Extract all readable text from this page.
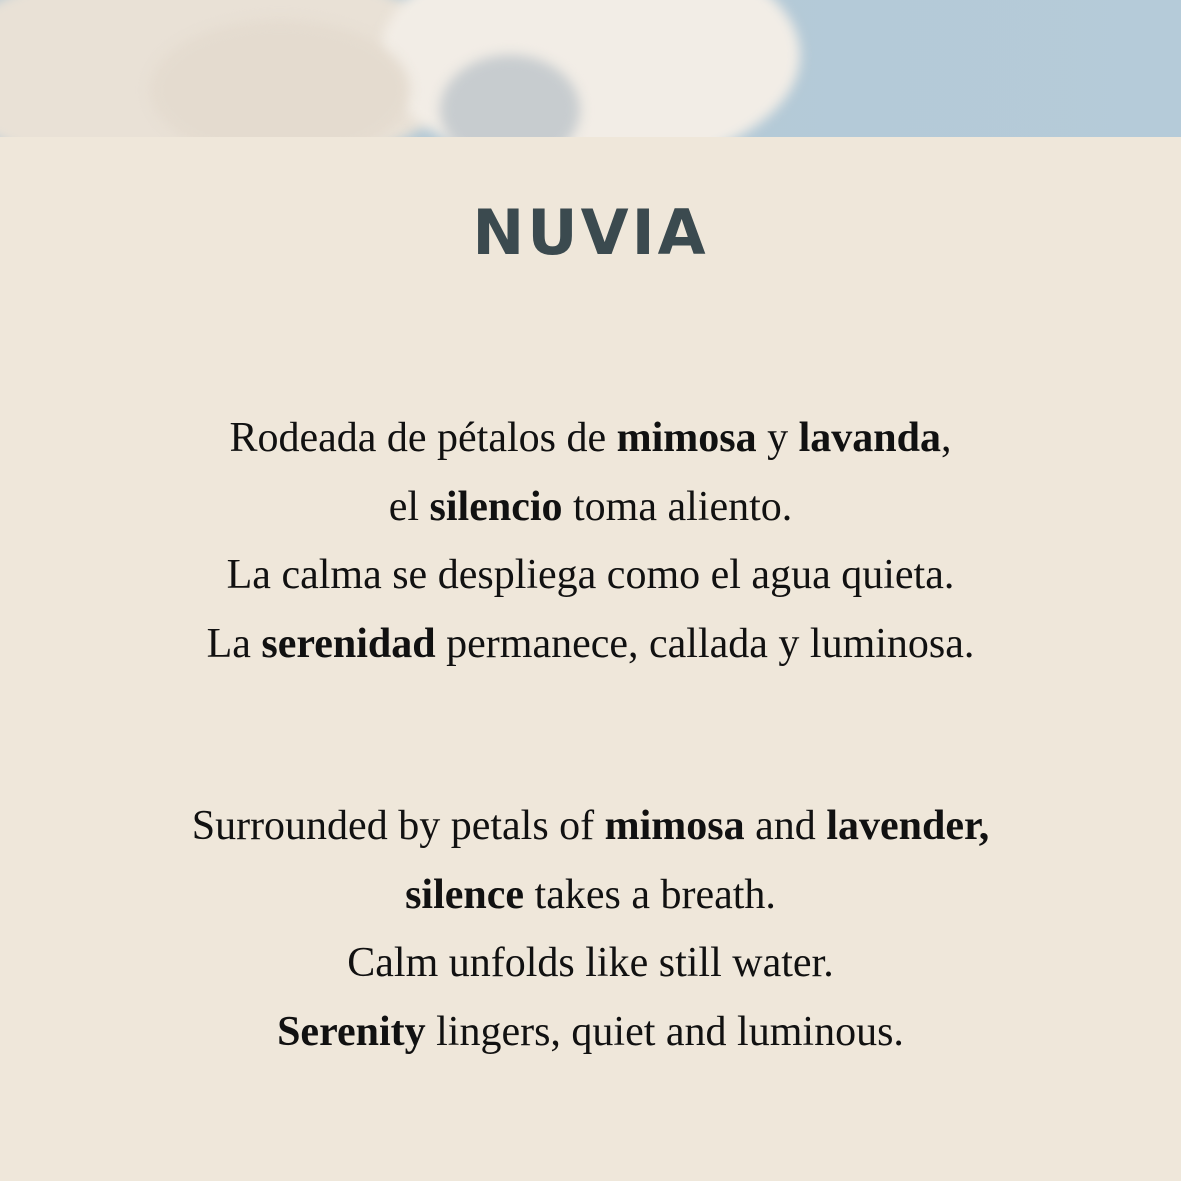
NUVIA
Rodeada de pétalos de mimosa y lavanda,
el silencio toma aliento.
La calma se despliega como el agua quieta.
La serenidad permanece, callada y luminosa.
Surrounded by petals of mimosa and lavender,
silence takes a breath.
Calm unfolds like still water.
Serenity lingers, quiet and luminous.
